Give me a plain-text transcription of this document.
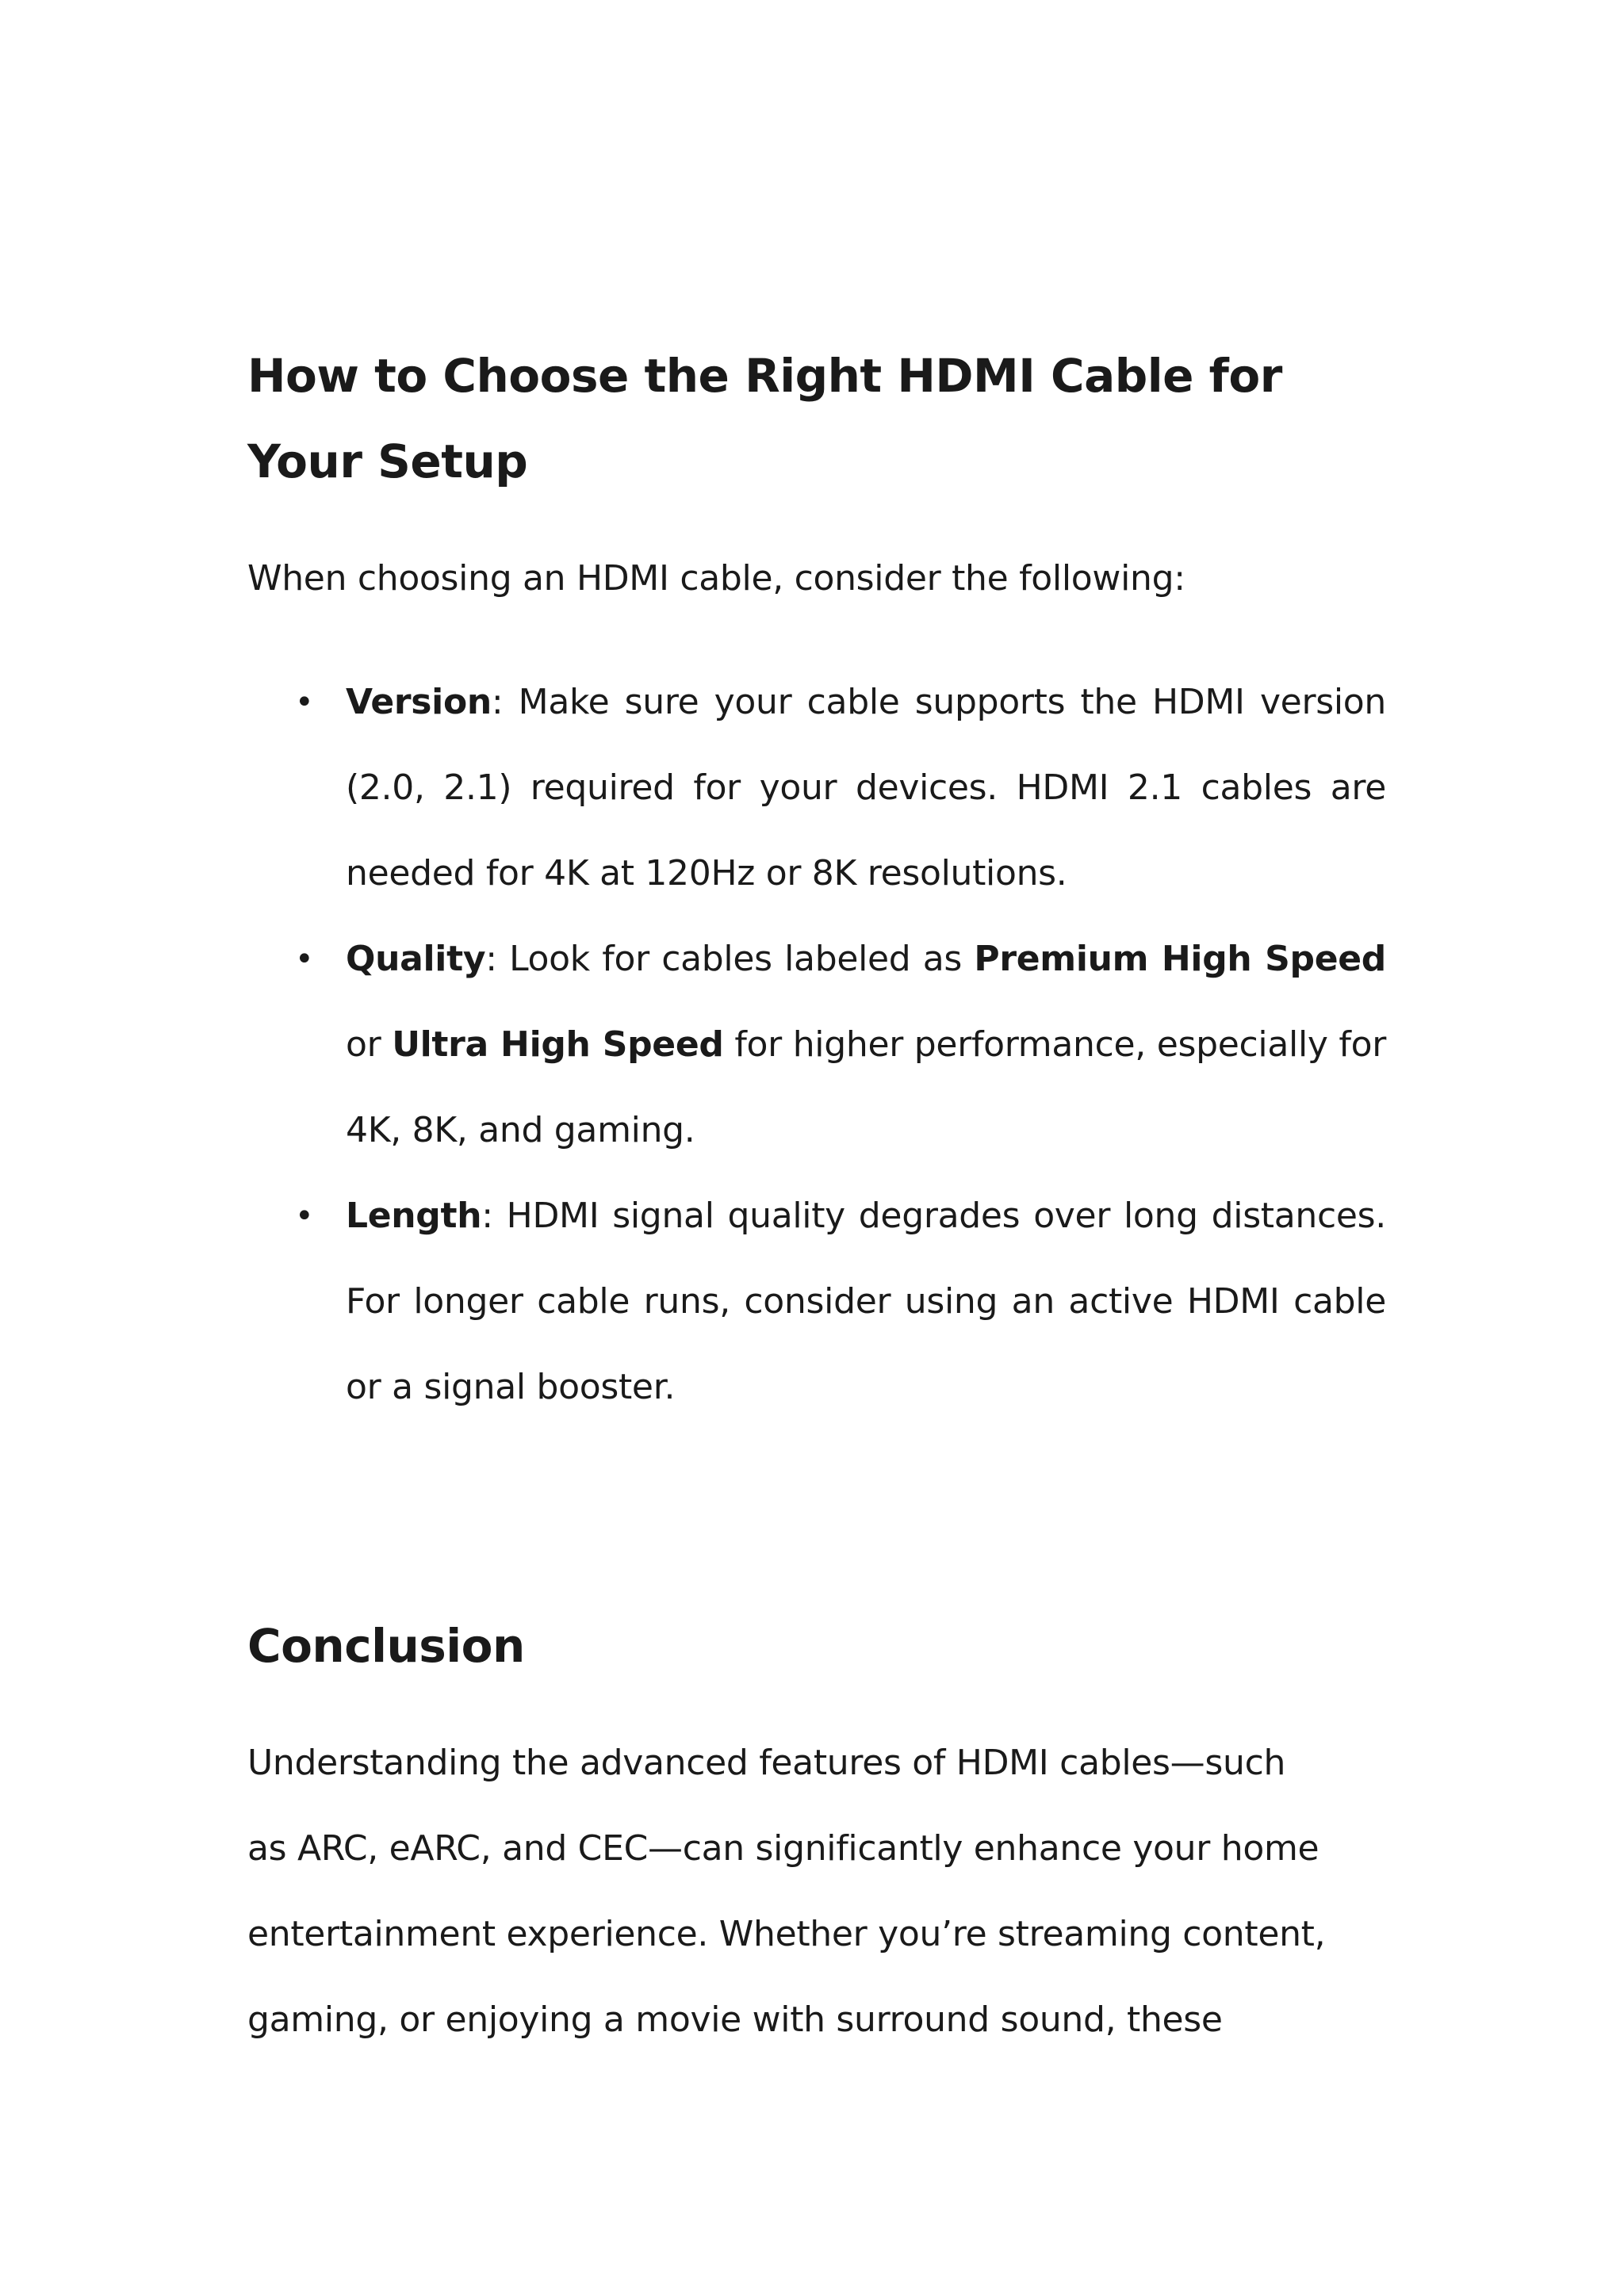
How to Choose the Right HDMI Cable for Your Setup

When choosing an HDMI cable, consider the following:

• Version: Make sure your cable supports the HDMI version (2.0, 2.1) required for your devices. HDMI 2.1 cables are needed for 4K at 120Hz or 8K resolutions.
• Quality: Look for cables labeled as Premium High Speed or Ultra High Speed for higher performance, especially for 4K, 8K, and gaming.
• Length: HDMI signal quality degrades over long distances. For longer cable runs, consider using an active HDMI cable or a signal booster.
Conclusion

Understanding the advanced features of HDMI cables—such as ARC, eARC, and CEC—can significantly enhance your home entertainment experience. Whether you’re streaming content, gaming, or enjoying a movie with surround sound, these
